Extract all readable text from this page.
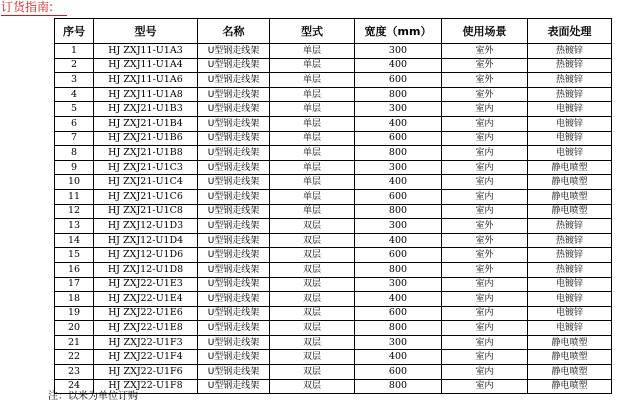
订货指南:
序号	型号	名称	型式	宽度（mm）	使用场景	表面处理
1	HJ ZXJ11-U1A3	U型钢走线架	单层	300	室外	热镀锌
2	HJ ZXJ11-U1A4	U型钢走线架	单层	400	室外	热镀锌
3	HJ ZXJ11-U1A6	U型钢走线架	单层	600	室外	热镀锌
4	HJ ZXJ11-U1A8	U型钢走线架	单层	800	室外	热镀锌
5	HJ ZXJ21-U1B3	U型钢走线架	单层	300	室内	电镀锌
6	HJ ZXJ21-U1B4	U型钢走线架	单层	400	室内	电镀锌
7	HJ ZXJ21-U1B6	U型钢走线架	单层	600	室内	电镀锌
8	HJ ZXJ21-U1B8	U型钢走线架	单层	800	室内	电镀锌
9	HJ ZXJ21-U1C3	U型钢走线架	单层	300	室内	静电喷塑
10	HJ ZXJ21-U1C4	U型钢走线架	单层	400	室内	静电喷塑
11	HJ ZXJ21-U1C6	U型钢走线架	单层	600	室内	静电喷塑
12	HJ ZXJ21-U1C8	U型钢走线架	单层	800	室内	静电喷塑
13	HJ ZXJ12-U1D3	U型钢走线架	双层	300	室外	热镀锌
14	HJ ZXJ12-U1D4	U型钢走线架	双层	400	室外	热镀锌
15	HJ ZXJ12-U1D6	U型钢走线架	双层	600	室外	热镀锌
16	HJ ZXJ12-U1D8	U型钢走线架	双层	800	室外	热镀锌
17	HJ ZXJ22-U1E3	U型钢走线架	双层	300	室内	电镀锌
18	HJ ZXJ22-U1E4	U型钢走线架	双层	400	室内	电镀锌
19	HJ ZXJ22-U1E6	U型钢走线架	双层	600	室内	电镀锌
20	HJ ZXJ22-U1E8	U型钢走线架	双层	800	室内	电镀锌
21	HJ ZXJ22-U1F3	U型钢走线架	双层	300	室内	静电喷塑
22	HJ ZXJ22-U1F4	U型钢走线架	双层	400	室内	静电喷塑
23	HJ ZXJ22-U1F6	U型钢走线架	双层	600	室内	静电喷塑
24	HJ ZXJ22-U1F8	U型钢走线架	双层	800	室内	静电喷塑
注：以米为单位订购
